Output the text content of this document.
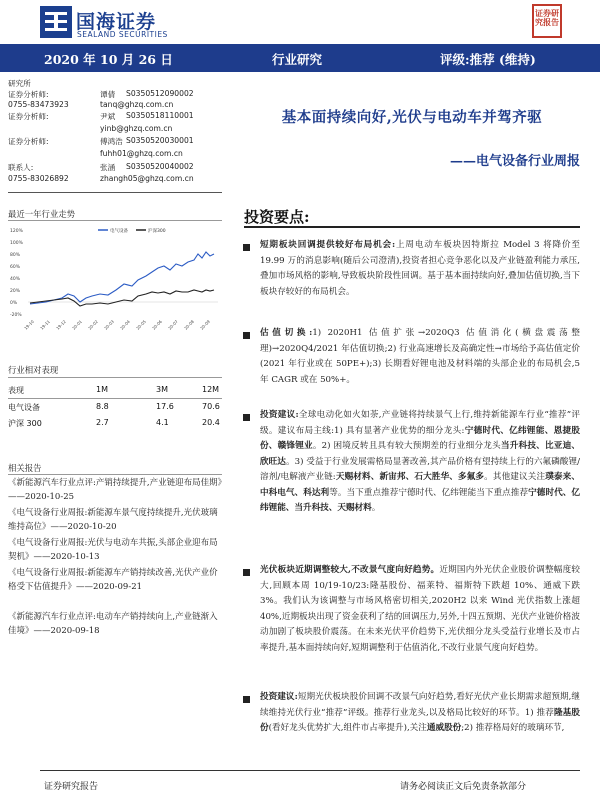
国海证券
SEALAND SECURITIES
证券研究报告
2020 年 10 月 26 日	行业研究	评级:推荐 (维持)
研究所
证券分析师:	谭倩 S0350512090002
0755-83473923	tanq@ghzq.com.cn
证券分析师:	尹斌 S0350518110001
yinb@ghzq.com.cn
证券分析师:	傅鸿浩 S0350520030001
fuhh01@ghzq.com.cn
联系人:	张涵 S0350520040002
0755-83026892	zhangh05@ghzq.com.cn
最近一年行业走势
120%
100%
80%
60%
40%
20%
0%
-20%
电气设备	沪深300
19-10 19-11 19-12 20-01 20-02 20-03 20-04 20-05 20-06 20-07 20-08 20-09
行业相对表现
表现	1M	3M	12M
电气设备	8.8	17.6	70.6
沪深 300	2.7	4.1	20.4
相关报告
《新能源汽车行业点评:产销持续提升,产业链迎布局佳期》——2020-10-25
《电气设备行业周报:新能源车景气度持续提升,光伏玻璃维持高位》——2020-10-20
《电气设备行业周报:光伏与电动车共振,头部企业迎布局契机》——2020-10-13
《电气设备行业周报:新能源车产销持续改善,光伏产业价格受下估值提升》——2020-09-21
《新能源汽车行业点评:电动车产销持续向上,产业链渐入佳境》——2020-09-18
基本面持续向好,光伏与电动车并驾齐驱
——电气设备行业周报
投资要点:
短期板块回调提供较好布局机会:上周电动车板块因特斯拉 Model 3 将降价至 19.99 万的消息影响(随后公司澄清),投资者担心竞争恶化以及产业链盈利能力承压,叠加市场风格的影响,导致板块阶段性回调。基于基本面持续向好,叠加估值切换,当下板块存较好的布局机会。
估值切换:1) 2020H1 估值扩张→2020Q3 估值消化(横盘震荡整理)→2020Q4/2021 年估值切换;2) 行业高速增长及高确定性→市场给予高估值定价(2021 年行业或在 50PE+);3) 长期看好锂电池及材料端的头部企业的布局机会,5 年 CAGR 或在 50%+。
投资建议:全球电动化如火如荼,产业链将持续景气上行,维持新能源车行业“推荐”评级。建议布局主线:1) 具有显著产业优势的细分龙头:宁德时代、亿纬锂能、恩捷股份、赣锋锂业。2) 困境反转且具有较大预期差的行业细分龙头当升科技、比亚迪、欣旺达。3) 受益于行业发展需格局显著改善,其产品价格有望持续上行的六氟磷酸锂/溶剂/电解液产业链:天赐材料、新宙邦、石大胜华、多氟多。其他建议关注璞泰来、中科电气、科达利等。当下重点推荐宁德时代、亿纬锂能当下重点推荐宁德时代、亿纬锂能、当升科技、天赐材料。
光伏板块近期调整较大,不改景气度向好趋势。近期国内外光伏企业股价调整幅度较大,回顾本周 10/19-10/23:隆基股份、福莱特、福斯特下跌超 10%、通威下跌 3%。我们认为该调整与市场风格密切相关,2020H2 以来 Wind 光伏指数上涨超 40%,近期板块出现了资金获利了结的回调压力,另外,十四五预期、光伏产业链价格波动加剧了板块股价震荡。在未来光伏平价趋势下,光伏细分龙头受益行业增长及市占率提升,基本面持续向好,短期调整利于估值消化,不改行业景气度向好趋势。
投资建议:短期光伏板块股价回调不改景气向好趋势,看好光伏产业长期需求超预期,继续维持光伏行业“推荐”评级。推荐行业龙头,以及格局比较好的环节。1) 推荐隆基股份(看好龙头优势扩大,组件市占率提升),关注通威股份;2) 推荐格局好的玻璃环节,
证券研究报告	请务必阅读正文后免责条款部分
